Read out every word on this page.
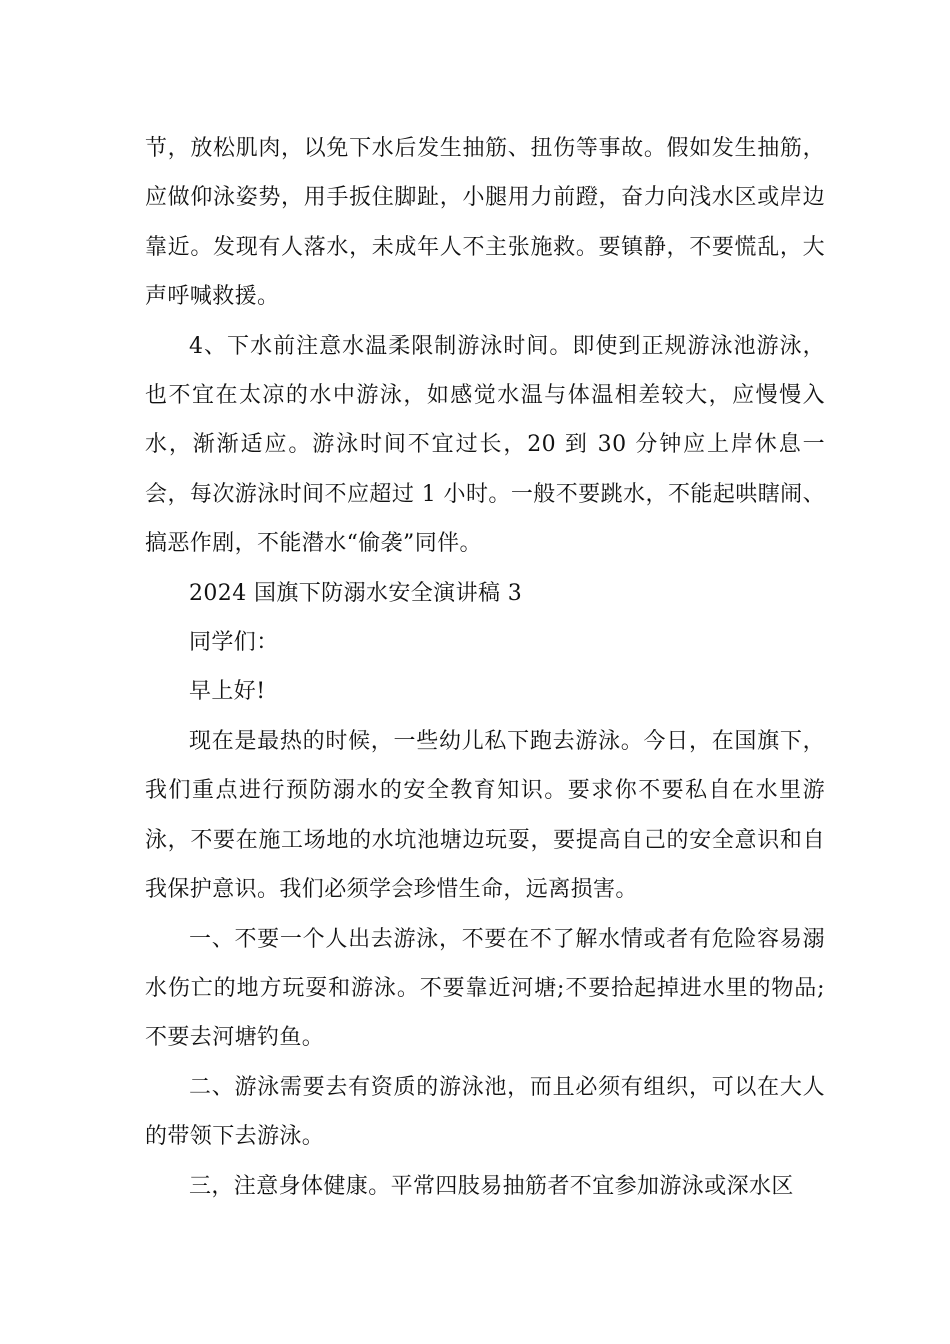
节，放松肌肉，以免下水后发生抽筋、扭伤等事故。假如发生抽筋，应做仰泳姿势，用手扳住脚趾，小腿用力前蹬，奋力向浅水区或岸边靠近。发现有人落水，未成年人不主张施救。要镇静，不要慌乱，大声呼喊救援。

4、下水前注意水温柔限制游泳时间。即使到正规游泳池游泳，也不宜在太凉的水中游泳，如感觉水温与体温相差较大，应慢慢入水，渐渐适应。游泳时间不宜过长，20 到 30 分钟应上岸休息一会，每次游泳时间不应超过 1 小时。一般不要跳水，不能起哄瞎闹、搞恶作剧，不能潜水“偷袭”同伴。

2024 国旗下防溺水安全演讲稿 3

同学们：

早上好!

现在是最热的时候，一些幼儿私下跑去游泳。今日，在国旗下，我们重点进行预防溺水的安全教育知识。要求你不要私自在水里游泳，不要在施工场地的水坑池塘边玩耍，要提高自己的安全意识和自我保护意识。我们必须学会珍惜生命，远离损害。

一、不要一个人出去游泳，不要在不了解水情或者有危险容易溺水伤亡的地方玩耍和游泳。不要靠近河塘;不要拾起掉进水里的物品;不要去河塘钓鱼。

二、游泳需要去有资质的游泳池，而且必须有组织，可以在大人的带领下去游泳。

三，注意身体健康。平常四肢易抽筋者不宜参加游泳或深水区
